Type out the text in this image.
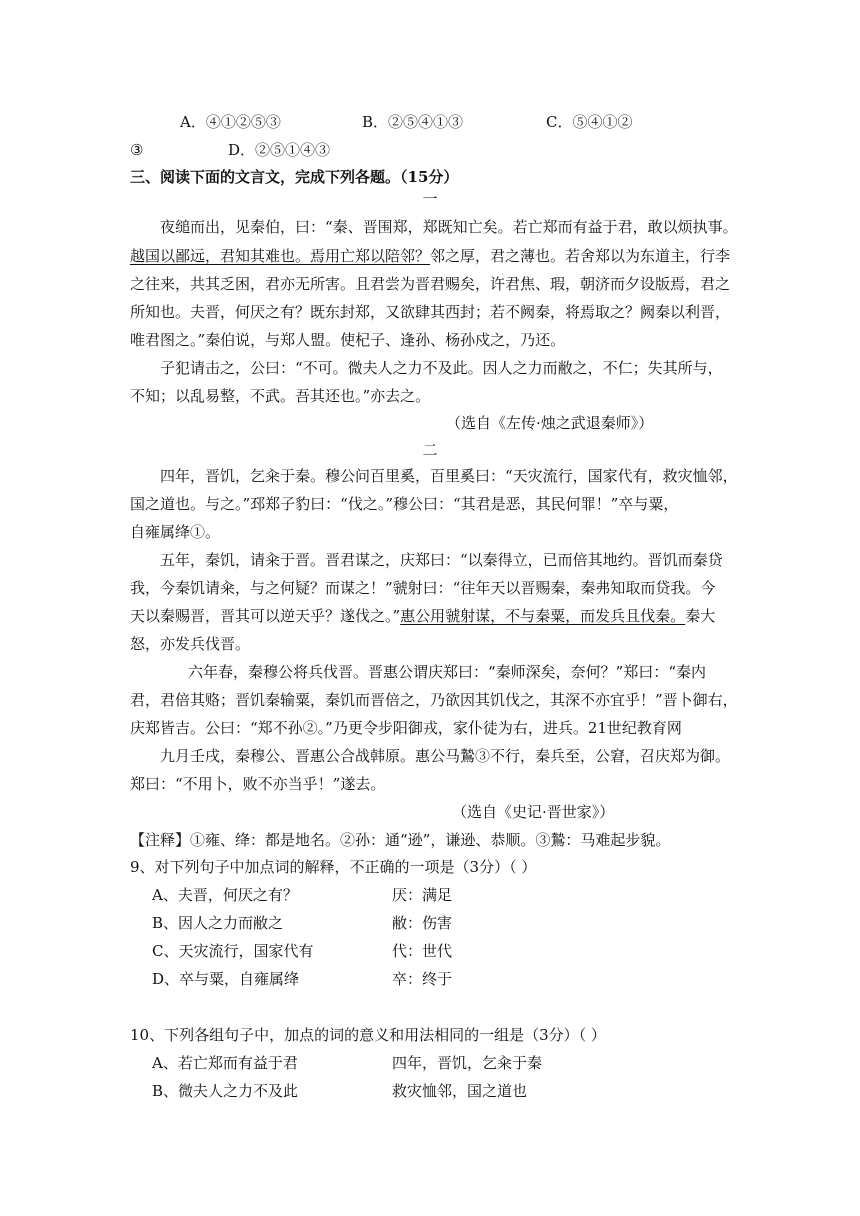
A．④①②⑤③	B．②⑤④①③	C．⑤④①②
③	D．②⑤①④③
三、阅读下面的文言文，完成下列各题。（15分）
一
夜缒而出，见秦伯，曰：“秦、晋围郑，郑既知亡矣。若亡郑而有益于君，敢以烦执事。
越国以鄙远，君知其难也。焉用亡郑以陪邻？邻之厚，君之薄也。若舍郑以为东道主，行李
之往来，共其乏困，君亦无所害。且君尝为晋君赐矣，许君焦、瑕，朝济而夕设版焉，君之
所知也。夫晋，何厌之有？既东封郑，又欲肆其西封；若不阙秦，将焉取之？阙秦以利晋，
唯君图之。”秦伯说，与郑人盟。使杞子、逢孙、杨孙戍之，乃还。
子犯请击之，公曰：“不可。微夫人之力不及此。因人之力而敝之，不仁；失其所与，
不知；以乱易整，不武。吾其还也。”亦去之。
（选自《左传·烛之武退秦师》）
二
四年，晋饥，乞籴于秦。穆公问百里奚，百里奚曰：“天灾流行，国家代有，救灾恤邻，
国之道也。与之。”邳郑子豹曰：“伐之。”穆公曰：“其君是恶，其民何罪！”卒与粟，
自雍属绛①。
五年，秦饥，请籴于晋。晋君谋之，庆郑曰：“以秦得立，已而倍其地约。晋饥而秦贷
我，今秦饥请籴，与之何疑？而谋之！”虢射曰：“往年天以晋赐秦，秦弗知取而贷我。今
天以秦赐晋，晋其可以逆天乎？遂伐之。”惠公用虢射谋，不与秦粟，而发兵且伐秦。秦大
怒，亦发兵伐晋。
六年春，秦穆公将兵伐晋。晋惠公谓庆郑曰：“秦师深矣，奈何？”郑曰：“秦内
君，君倍其赂；晋饥秦输粟，秦饥而晋倍之，乃欲因其饥伐之，其深不亦宜乎！”晋卜御右，
庆郑皆吉。公曰：“郑不孙②。”乃更令步阳御戎，家仆徒为右，进兵。21世纪教育网
九月壬戌，秦穆公、晋惠公合战韩原。惠公马鷙③不行，秦兵至，公窘，召庆郑为御。
郑曰：“不用卜，败不亦当乎！”遂去。
（选自《史记·晋世家》）
【注释】①雍、绛：都是地名。②孙：通“逊”，谦逊、恭顺。③鷙：马难起步貌。
9、对下列句子中加点词的解释，不正确的一项是（3分）（ ）
A、夫晋，何厌之有？	厌：满足
B、因人之力而敝之	敝：伤害
C、天灾流行，国家代有	代：世代
D、卒与粟，自雍属绛	卒：终于
10、下列各组句子中，加点的词的意义和用法相同的一组是（3分）（ ）
A、若亡郑而有益于君	四年，晋饥，乞籴于秦
B、微夫人之力不及此	救灾恤邻，国之道也
